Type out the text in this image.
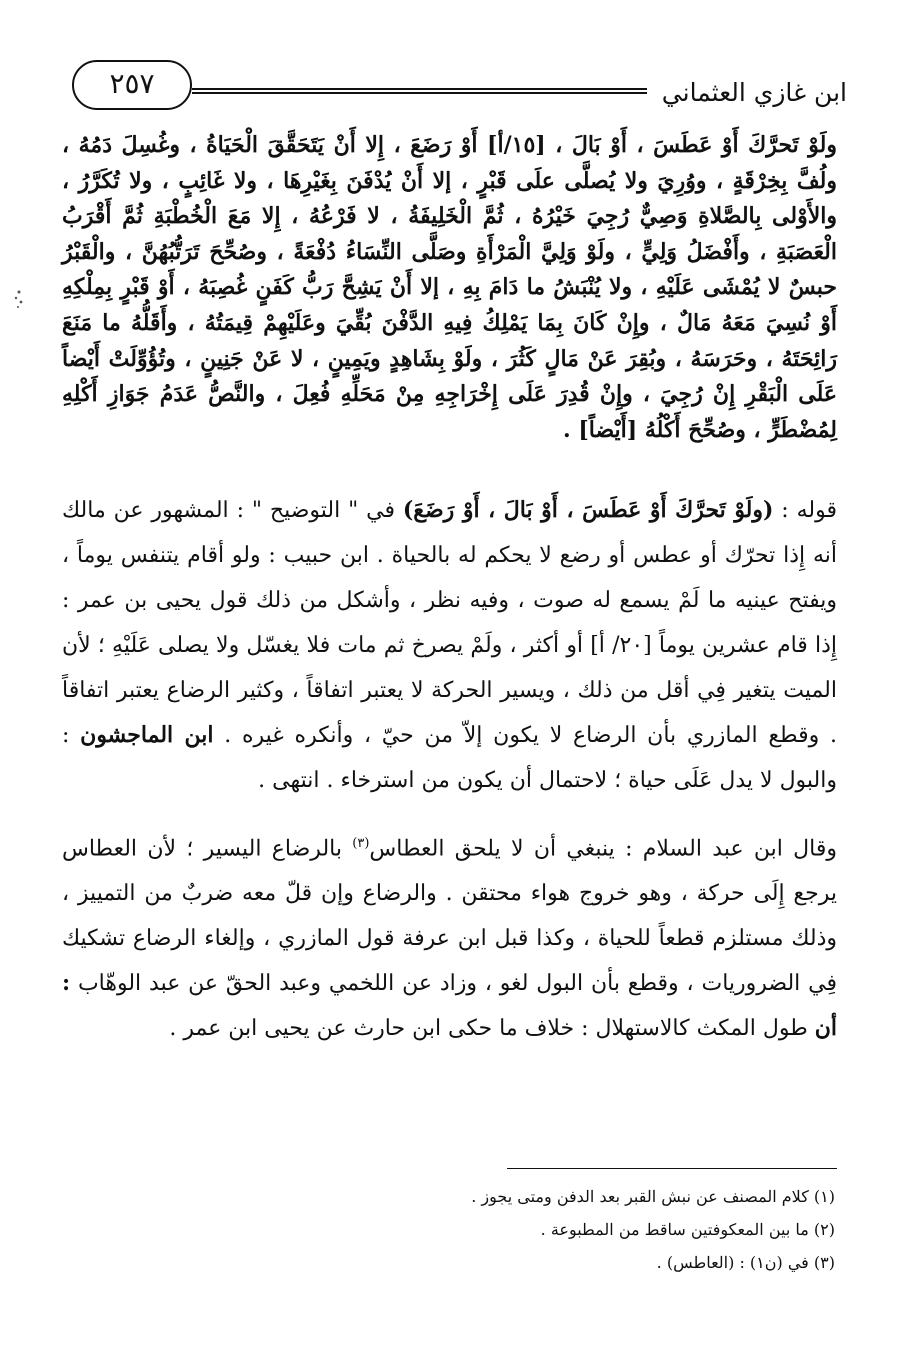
ابن غازي العثماني
٢٥٧

ولَوْ تَحرَّكَ أَوْ عَطَسَ ، أَوْ بَالَ ، [١٥/أ] أَوْ رَضَعَ ، إِلا أَنْ يَتَحَقَّقَ الْحَيَاةُ ، وغُسِلَ دَمُهُ ، ولُفَّ بِخِرْقَةٍ ، ووُرِيَ ولا يُصلَّى علَى قَبْرٍ ، إلا أَنْ يُدْفَنَ بِغَيْرِهَا ، ولا غَائِبٍ ، ولا تُكَرَّرُ ، والأَوْلى بِالصَّلاةِ وَصِيٌّ رُجِيَ خَيْرُهُ ، ثُمَّ الْخَلِيفَةُ ، لا فَرْعُهُ ، إِلا مَعَ الْخُطْبَةِ ثُمَّ أَقْرَبُ الْعَصَبَةِ ، وأَفْضَلُ وَلِيٍّ ، ولَوْ وَلِيَّ الْمَرْأَةِ وصَلَّى النِّسَاءُ دُفْعَةً ، وصُحِّحَ تَرَتُّبُهُنَّ ، والْقَبْرُ حبسٌ لا يُمْشَى عَلَيْهِ ، ولا يُنْبَشُ ما دَامَ بِهِ ، إلا أَنْ يَشِحَّ رَبُّ كَفَنٍ غُصِبَهُ ، أَوْ قَبْرٍ بِمِلْكِهِ أَوْ نُسِيَ مَعَهُ مَالٌ ، وإِنْ كَانَ بِمَا يَمْلِكُ فِيهِ الدَّفْنَ بُقِّيَ وعَلَيْهِمْ قِيمَتُهُ ، وأَقَلُّهُ ما مَنَعَ رَائِحَتَهُ ، وحَرَسَهُ ، وبُقِرَ عَنْ مَالٍ كَثُرَ ، ولَوْ بِشَاهِدٍ ويَمِينٍ ، لا عَنْ جَنِينٍ ، وتُؤُوِّلَتْ أَيْضاً عَلَى الْبَقْرِ إِنْ رُجِيَ ، وإِنْ قُدِرَ عَلَى إِخْرَاجِهِ مِنْ مَحَلِّهِ فُعِلَ ، والنَّصُّ عَدَمُ جَوَازِ أَكْلِهِ لِمُضْطَرٍّ ، وصُحِّحَ أَكْلُهُ [أَيْضاً] .

قوله : (ولَوْ تَحرَّكَ أَوْ عَطَسَ ، أَوْ بَالَ ، أَوْ رَضَعَ) في " التوضيح " : المشهور عن مالك أنه إِذا تحرّك أو عطس أو رضع لا يحكم له بالحياة . ابن حبيب : ولو أقام يتنفس يوماً ، ويفتح عينيه ما لَمْ يسمع له صوت ، وفيه نظر ، وأشكل من ذلك قول يحيى بن عمر : إِذا قام عشرين يوماً [٢٠/ أ] أو أكثر ، ولَمْ يصرخ ثم مات فلا يغسّل ولا يصلى عَلَيْهِ ؛ لأن الميت يتغير فِي أقل من ذلك ، ويسير الحركة لا يعتبر اتفاقاً ، وكثير الرضاع يعتبر اتفاقاً . وقطع المازري بأن الرضاع لا يكون إلاّ من حيّ ، وأنكره غيره . ابن الماجشون : والبول لا يدل عَلَى حياة ؛ لاحتمال أن يكون من استرخاء . انتهى .

وقال ابن عبد السلام : ينبغي أن لا يلحق العطاس$^{(٣)}$ بالرضاع اليسير ؛ لأن العطاس يرجع إِلَى حركة ، وهو خروج هواء محتقن . والرضاع وإن قلّ معه ضربٌ من التمييز ، وذلك مستلزم قطعاً للحياة ، وكذا قبل ابن عرفة قول المازري ، وإلغاء الرضاع تشكيك فِي الضروريات ، وقطع بأن البول لغو ، وزاد عن اللخمي وعبد الحقّ عن عبد الوهّاب : أن طول المكث كالاستهلال : خلاف ما حكى ابن حارث عن يحيى ابن عمر .

(١) كلام المصنف عن نبش القبر بعد الدفن ومتى يجوز .
(٢) ما بين المعكوفتين ساقط من المطبوعة .
(٣) في (ن١) : (العاطس) .
